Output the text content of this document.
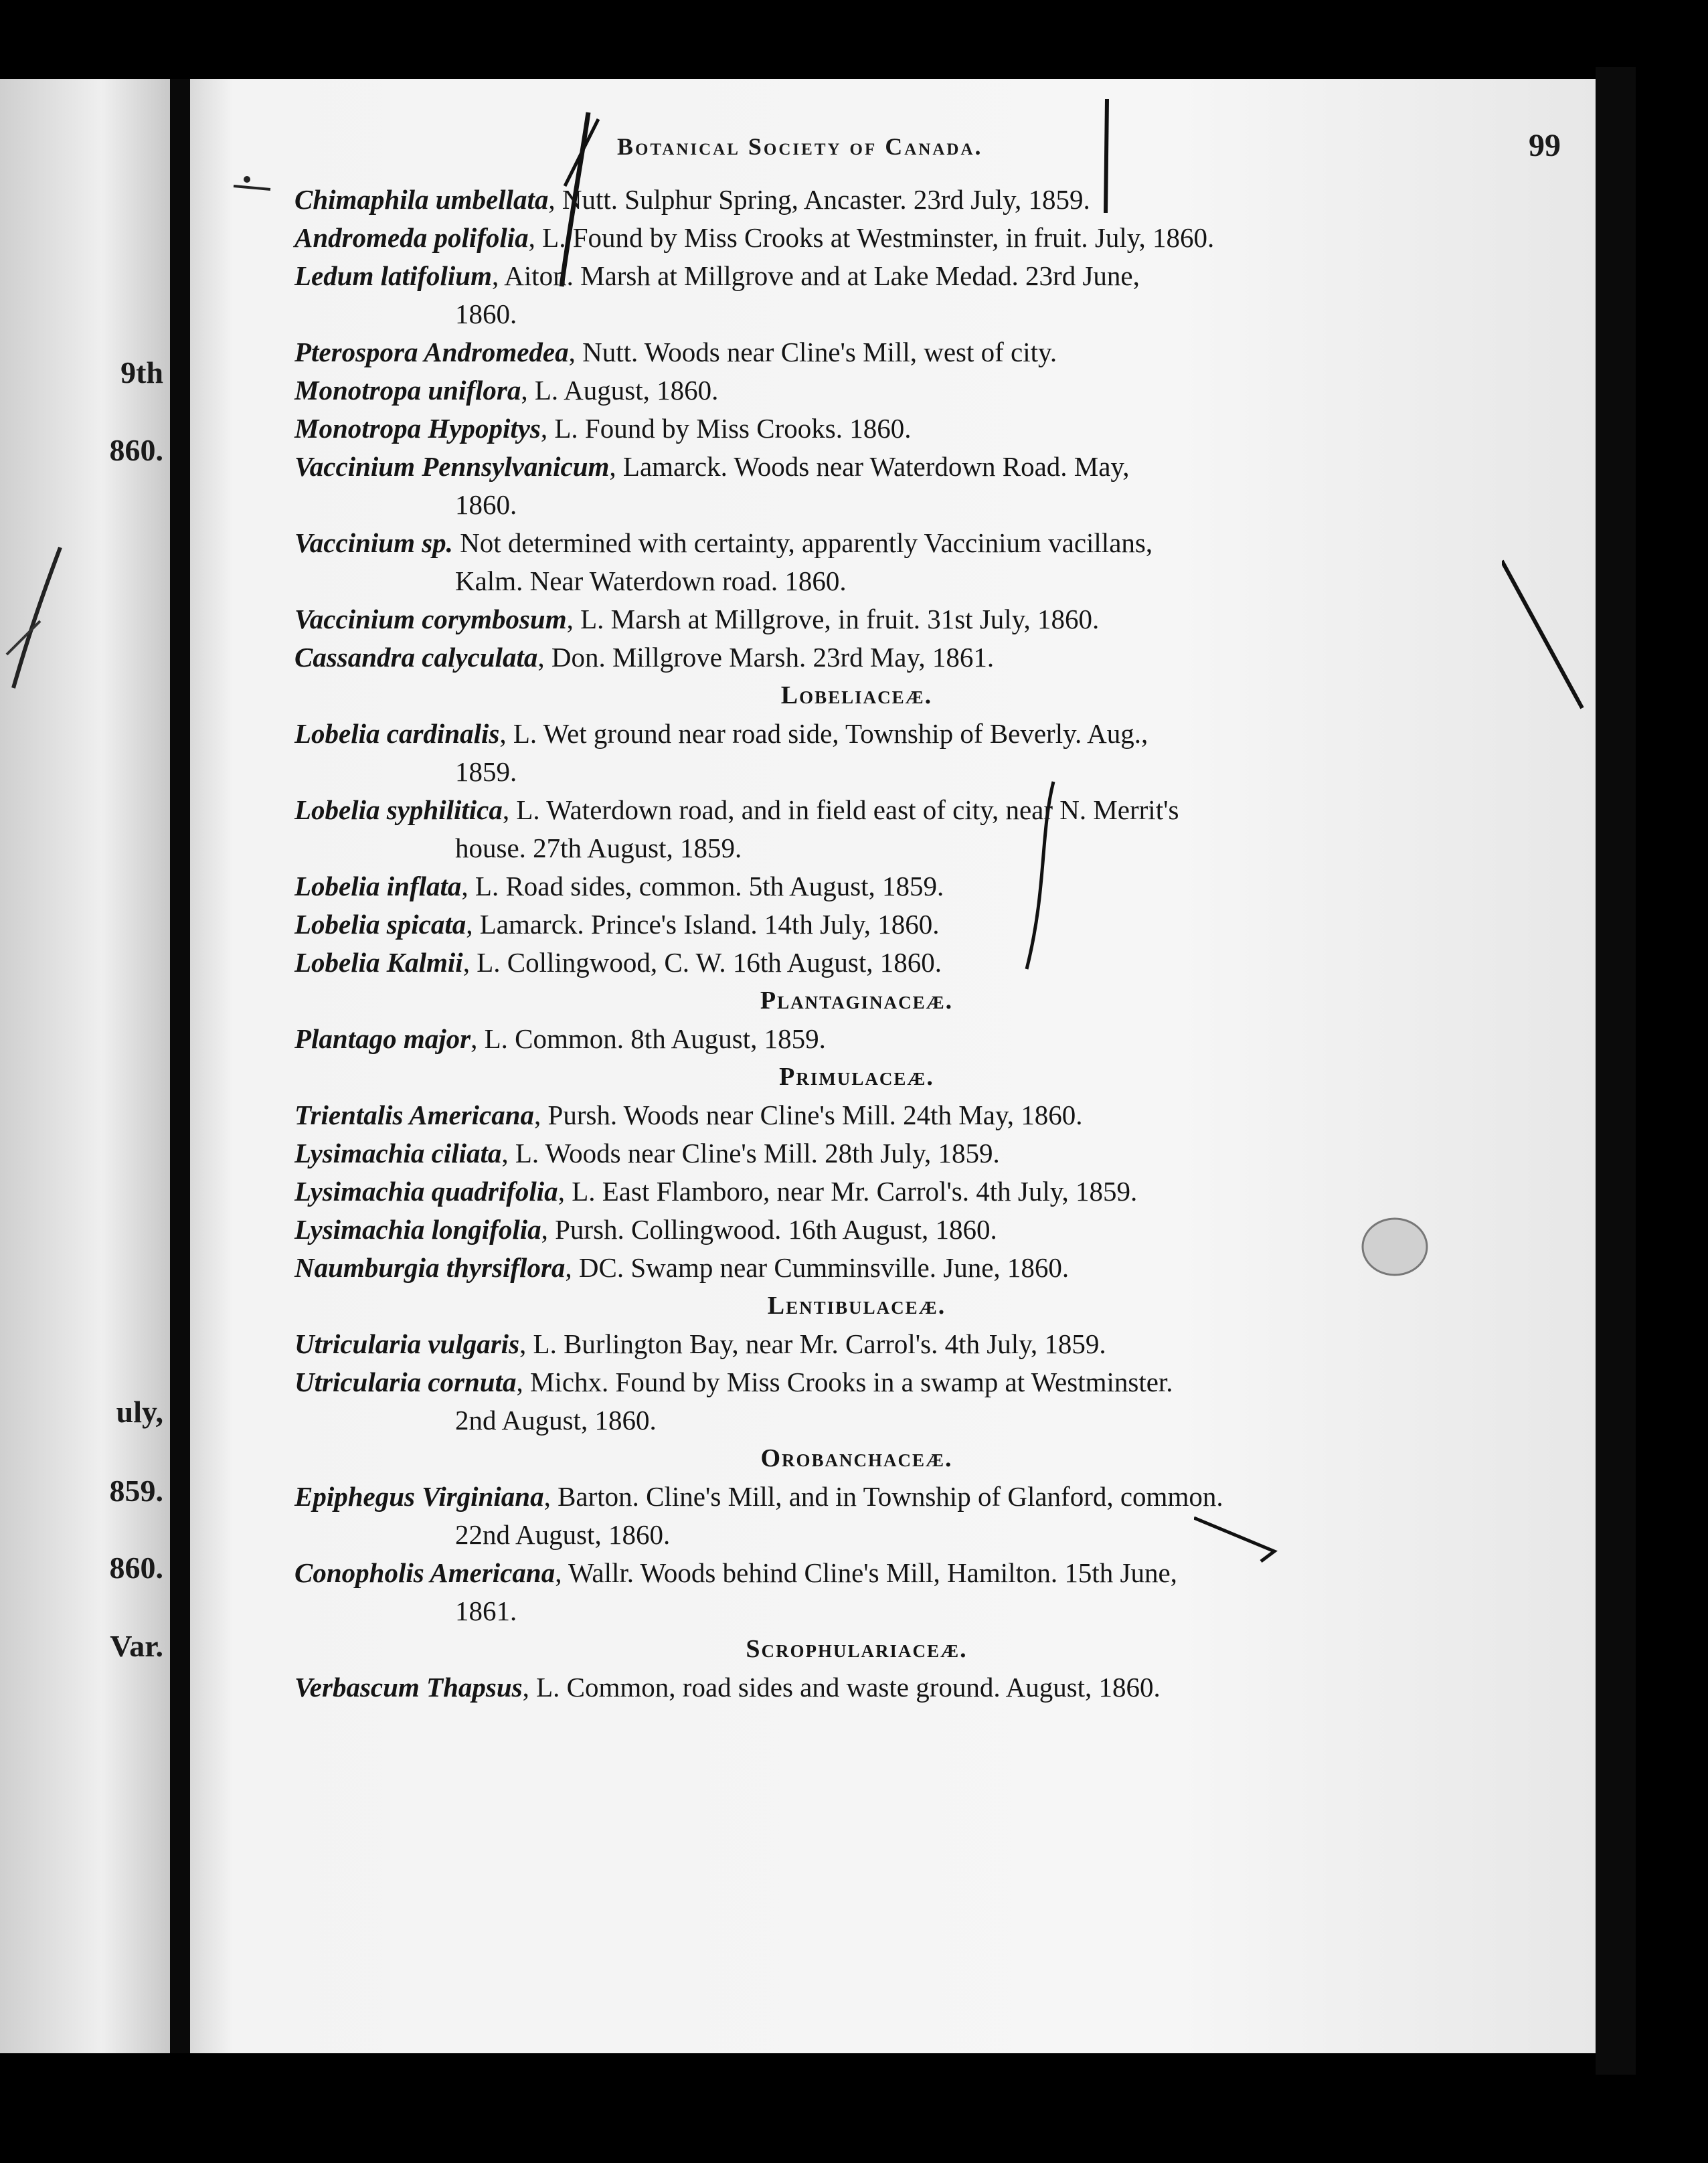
9th
860.
uly,
859.
860.
Var.
Botanical Society of Canada.	99

Chimaphila umbellata, Nutt. Sulphur Spring, Ancaster. 23rd July, 1859.

Andromeda polifolia, L. Found by Miss Crooks at Westminster, in fruit. July, 1860.

Ledum latifolium, Aiton. Marsh at Millgrove and at Lake Medad. 23rd June,
1860.

Pterospora Andromedea, Nutt. Woods near Cline's Mill, west of city.

Monotropa uniflora, L. August, 1860.

Monotropa Hypopitys, L. Found by Miss Crooks. 1860.

Vaccinium Pennsylvanicum, Lamarck. Woods near Waterdown Road. May,
1860.

Vaccinium sp. Not determined with certainty, apparently Vaccinium vacillans,
Kalm. Near Waterdown road. 1860.

Vaccinium corymbosum, L. Marsh at Millgrove, in fruit. 31st July, 1860.

Cassandra calyculata, Don. Millgrove Marsh. 23rd May, 1861.

Lobeliaceæ.

Lobelia cardinalis, L. Wet ground near road side, Township of Beverly. Aug.,
1859.

Lobelia syphilitica, L. Waterdown road, and in field east of city, near N. Merrit's
house. 27th August, 1859.

Lobelia inflata, L. Road sides, common. 5th August, 1859.

Lobelia spicata, Lamarck. Prince's Island. 14th July, 1860.

Lobelia Kalmii, L. Collingwood, C. W. 16th August, 1860.

Plantaginaceæ.

Plantago major, L. Common. 8th August, 1859.

Primulaceæ.

Trientalis Americana, Pursh. Woods near Cline's Mill. 24th May, 1860.

Lysimachia ciliata, L. Woods near Cline's Mill. 28th July, 1859.

Lysimachia quadrifolia, L. East Flamboro, near Mr. Carrol's. 4th July, 1859.

Lysimachia longifolia, Pursh. Collingwood. 16th August, 1860.

Naumburgia thyrsiflora, DC. Swamp near Cumminsville. June, 1860.

Lentibulaceæ.

Utricularia vulgaris, L. Burlington Bay, near Mr. Carrol's. 4th July, 1859.

Utricularia cornuta, Michx. Found by Miss Crooks in a swamp at Westminster.
2nd August, 1860.

Orobanchaceæ.

Epiphegus Virginiana, Barton. Cline's Mill, and in Township of Glanford, common.
22nd August, 1860.

Conopholis Americana, Wallr. Woods behind Cline's Mill, Hamilton. 15th June,
1861.

Scrophulariaceæ.

Verbascum Thapsus, L. Common, road sides and waste ground. August, 1860.
